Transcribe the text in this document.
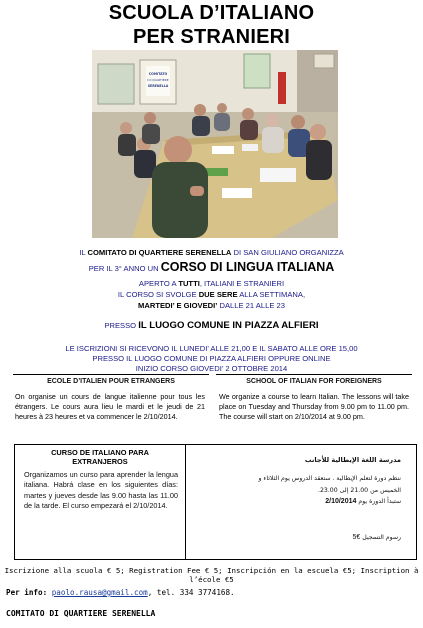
SCUOLA D’ITALIANO
PER STRANIERI
COMITATO
DI QUARTIERE
SERENELLA
IL COMITATO DI QUARTIERE SERENELLA DI SAN GIULIANO ORGANIZZA
PER IL 3° ANNO UN CORSO DI LINGUA ITALIANA
APERTO A TUTTI, ITALIANI E STRANIERI
IL CORSO SI SVOLGE DUE SERE ALLA SETTIMANA,
MARTEDI’ E GIOVEDI’ DALLE 21 ALLE 23
PRESSO IL LUOGO COMUNE IN PIAZZA ALFIERI
LE ISCRIZIONI SI RICEVONO IL LUNEDI’ ALLE 21,00 E IL SABATO ALLE ORE 15,00
PRESSO IL LUOGO COMUNE DI PIAZZA ALFIERI OPPURE ONLINE
INIZIO CORSO GIOVEDI’ 2 OTTOBRE 2014
ECOLE D’ITALIEN POUR ETRANGERS
On organise un cours de langue italienne pour tous les étrangers. Le cours aura lieu le mardi et le jeudi de 21 heures à 23 heures et va commencer le 2/10/2014.
SCHOOL OF ITALIAN FOR FOREIGNERS
We organize a course to learn Italian. The lessons will take place on Tuesday and Thursday from 9.00 pm to 11.00 pm. The course will start on 2/10/2014 at 9.00 pm.
CURSO DE ITALIANO PARA
EXTRANJEROS
Organizamos un curso para aprender la lengua italiana. Habrá clase en los siguientes días: martes y jueves desde las 9.00 hasta las 11.00 de la tarde. El curso empezará el 2/10/2014.
مدرسة اللغة الإيطالية للأجانب
ننظم دورة لتعلم الإيطالية . ستعقد الدروس يوم الثلاثاء و
الخميس من 21.00 إلى 23.00.
ستبدأ الدورة يوم 2/10/2014
رسوم التسجيل 5€
Iscrizione alla scuola € 5; Registration Fee € 5; Inscripción en la escuela €5; Inscription à l’école €5
Per info: paolo.rausa@gmail.com, tel. 334 3774168.
COMITATO DI QUARTIERE SERENELLA
